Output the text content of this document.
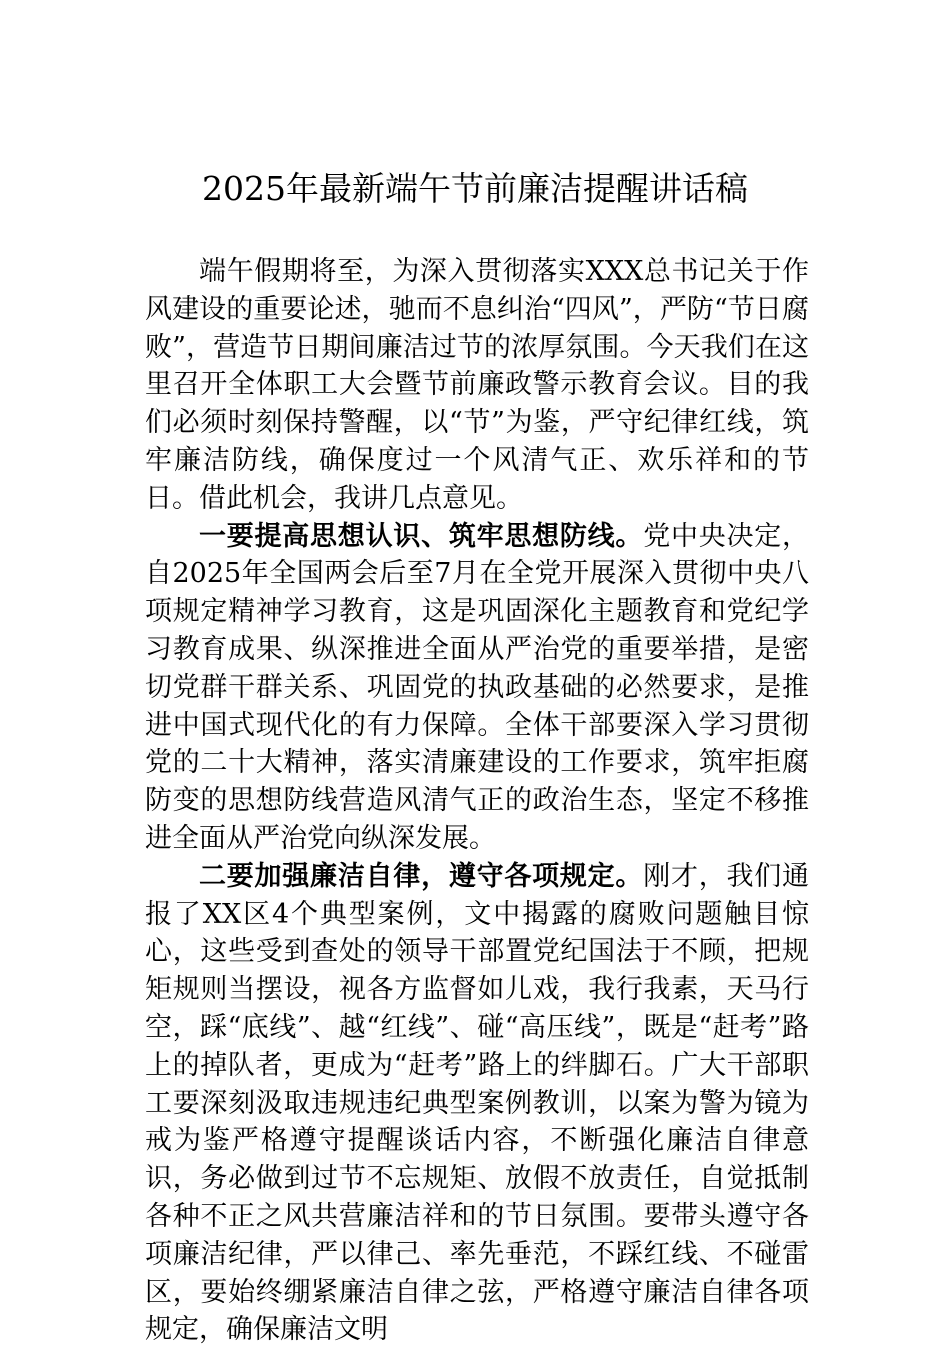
2025年最新端午节前廉洁提醒讲话稿

端午假期将至，为深入贯彻落实XXX总书记关于作风建设的重要论述，驰而不息纠治“四风”，严防“节日腐败”，营造节日期间廉洁过节的浓厚氛围。今天我们在这里召开全体职工大会暨节前廉政警示教育会议。目的我们必须时刻保持警醒，以“节”为鉴，严守纪律红线，筑牢廉洁防线，确保度过一个风清气正、欢乐祥和的节日。借此机会，我讲几点意见。

一要提高思想认识、筑牢思想防线。党中央决定，自2025年全国两会后至7月在全党开展深入贯彻中央八项规定精神学习教育，这是巩固深化主题教育和党纪学习教育成果、纵深推进全面从严治党的重要举措，是密切党群干群关系、巩固党的执政基础的必然要求，是推进中国式现代化的有力保障。全体干部要深入学习贯彻党的二十大精神，落实清廉建设的工作要求，筑牢拒腐防变的思想防线营造风清气正的政治生态，坚定不移推进全面从严治党向纵深发展。

二要加强廉洁自律，遵守各项规定。刚才，我们通报了XX区4个典型案例，文中揭露的腐败问题触目惊心，这些受到查处的领导干部置党纪国法于不顾，把规矩规则当摆设，视各方监督如儿戏，我行我素，天马行空，踩“底线”、越“红线”、碰“高压线”，既是“赶考”路上的掉队者，更成为“赶考”路上的绊脚石。广大干部职工要深刻汲取违规违纪典型案例教训，以案为警为镜为戒为鉴严格遵守提醒谈话内容，不断强化廉洁自律意识，务必做到过节不忘规矩、放假不放责任，自觉抵制各种不正之风共营廉洁祥和的节日氛围。要带头遵守各项廉洁纪律，严以律己、率先垂范，不踩红线、不碰雷区，要始终绷紧廉洁自律之弦，严格遵守廉洁自律各项规定，确保廉洁文明
